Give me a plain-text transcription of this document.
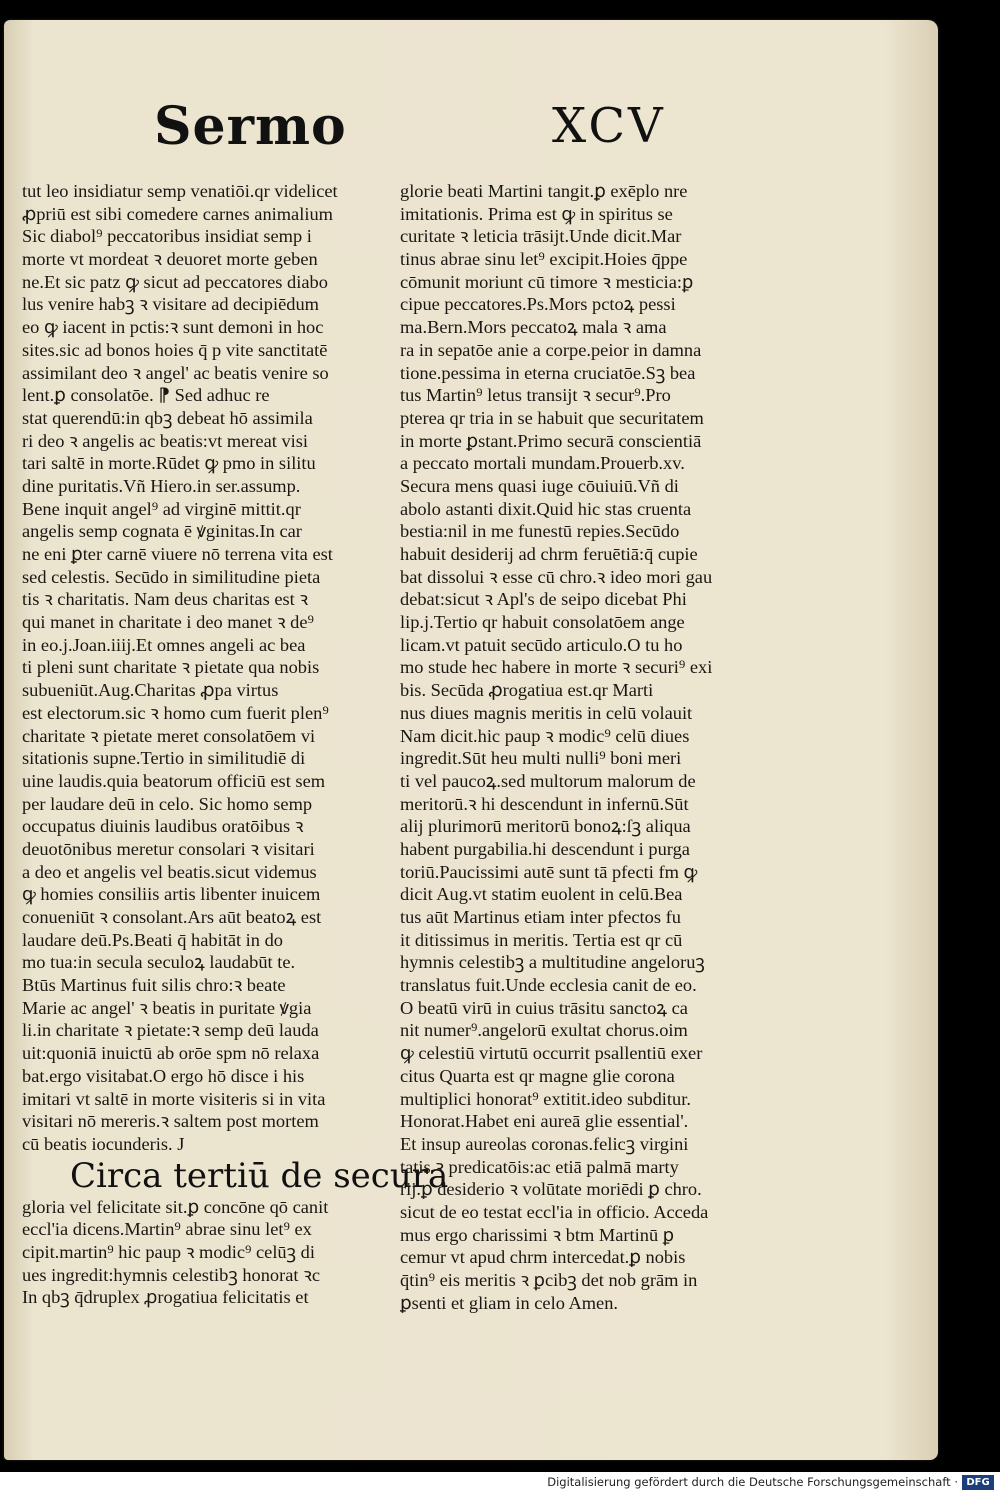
Sermo	XCV
tut leo insidiatur semp venatiōi.qr videlicet
ꝓpriū est sibi comedere carnes animalium
Sic diabol⁹ peccatoribus insidiat semp i
morte vt mordeat ꝛ deuoret morte geben
ne.Et sic patz ꝙ sicut ad peccatores diabo
lus venire habꝫ ꝛ visitare ad decipiēdum
eo ꝙ iacent in pctis:ꝛ sunt demoni in hoc
sites.sic ad bonos hoies q̄ p vite sanctitatē
assimilant deo ꝛ angel' ac beatis venire so
lent.ꝑ consolatōe. ⁋ Sed adhuc re
stat querendū:in qbꝫ debeat hō assimila
ri deo ꝛ angelis ac beatis:vt mereat visi
tari saltē in morte.Rūdet ꝙ pmo in silitu
dine puritatis.Vñ Hiero.in ser.assump.
Bene inquit angel⁹ ad virginē mittit.qr
angelis semp cognata ē ꝟginitas.In car
ne eni ꝑter carnē viuere nō terrena vita est
sed celestis. Secūdo in similitudine pieta
tis ꝛ charitatis. Nam deus charitas est ꝛ
qui manet in charitate i deo manet ꝛ de⁹
in eo.j.Joan.iiij.Et omnes angeli ac bea
ti pleni sunt charitate ꝛ pietate qua nobis
subueniūt.Aug.Charitas ꝓpa virtus
est electorum.sic ꝛ homo cum fuerit plen⁹
charitate ꝛ pietate meret consolatōem vi
sitationis supne.Tertio in similitudiē di
uine laudis.quia beatorum officiū est sem
per laudare deū in celo. Sic homo semp
occupatus diuinis laudibus oratōibus ꝛ
deuotōnibus meretur consolari ꝛ visitari
a deo et angelis vel beatis.sicut videmus
ꝙ homies consiliis artis libenter inuicem
conueniūt ꝛ consolant.Ars aūt beatoꝝ est
laudare deū.Ps.Beati q̄ habitāt in do
mo tua:in secula seculoꝝ laudabūt te.
Btūs Martinus fuit silis chro:ꝛ beate
Marie ac angel' ꝛ beatis in puritate ꝟgia
li.in charitate ꝛ pietate:ꝛ semp deū lauda
uit:quoniā inuictū ab orōe spm nō relaxa
bat.ergo visitabat.O ergo hō disce i his
imitari vt saltē in morte visiteris si in vita
visitari nō mereris.ꝛ saltem post mortem
cū beatis iocunderis. J
Circa tertiū de secura
gloria vel felicitate sit.ꝑ concōne qō canit
eccl'ia dicens.Martin⁹ abrae sinu let⁹ ex
cipit.martin⁹ hic paup ꝛ modic⁹ celūꝫ di
ues ingredit:hymnis celestibꝫ honorat ꝛc
In qbꝫ q̄druplex ꝓrogatiua felicitatis et
glorie beati Martini tangit.ꝑ exēplo nre
imitationis. Prima est ꝙ in spiritus se
curitate ꝛ leticia trāsijt.Unde dicit.Mar
tinus abrae sinu let⁹ excipit.Hoies q̄ppe
cōmunit moriunt cū timore ꝛ mesticia:ꝑ
cipue peccatores.Ps.Mors pctoꝝ pessi
ma.Bern.Mors peccatoꝝ mala ꝛ ama
ra in sepatōe anie a corpe.peior in damna
tione.pessima in eterna cruciatōe.Sꝫ bea
tus Martin⁹ letus transijt ꝛ secur⁹.Pro
pterea qr tria in se habuit que securitatem
in morte ꝑstant.Primo securā conscientiā
a peccato mortali mundam.Prouerb.xv.
Secura mens quasi iuge cōuiuiū.Vñ di
abolo astanti dixit.Quid hic stas cruenta
bestia:nil in me funestū repies.Secūdo
habuit desiderij ad chrm feruētiā:q̄ cupie
bat dissolui ꝛ esse cū chro.ꝛ ideo mori gau
debat:sicut ꝛ Apl's de seipo dicebat Phi
lip.j.Tertio qr habuit consolatōem ange
licam.vt patuit secūdo articulo.O tu ho
mo stude hec habere in morte ꝛ securi⁹ exi
bis. Secūda ꝓrogatiua est.qr Marti
nus diues magnis meritis in celū volauit
Nam dicit.hic paup ꝛ modic⁹ celū diues
ingredit.Sūt heu multi nulli⁹ boni meri
ti vel paucoꝝ.sed multorum malorum de
meritorū.ꝛ hi descendunt in infernū.Sūt
alij plurimorū meritorū bonoꝝ:ſꝫ aliqua
habent purgabilia.hi descendunt i purga
toriū.Paucissimi autē sunt tā pfecti fm ꝙ
dicit Aug.vt statim euolent in celū.Bea
tus aūt Martinus etiam inter pfectos fu
it ditissimus in meritis. Tertia est qr cū
hymnis celestibꝫ a multitudine angeloruꝫ
translatus fuit.Unde ecclesia canit de eo.
O beatū virū in cuius trāsitu sanctoꝝ ca
nit numer⁹.angelorū exultat chorus.oim
ꝙ celestiū virtutū occurrit psallentiū exer
citus Quarta est qr magne glie corona
multiplici honorat⁹ extitit.ideo subditur.
Honorat.Habet eni aureā glie essential'.
Et insup aureolas coronas.felicꝫ virgini
tatis ꝛ predicatōis:ac etiā palmā marty
rij.ꝑ desiderio ꝛ volūtate moriēdi ꝑ chro.
sicut de eo testat eccl'ia in officio. Acceda
mus ergo charissimi ꝛ btm Martinū ꝑ
cemur vt apud chrm intercedat.ꝑ nobis
q̄tin⁹ eis meritis ꝛ ꝑcibꝫ det nob grām in
ꝑsenti et gliam in celo Amen.
Digitalisierung gefördert durch die Deutsche Forschungsgemeinschaft · DFG
